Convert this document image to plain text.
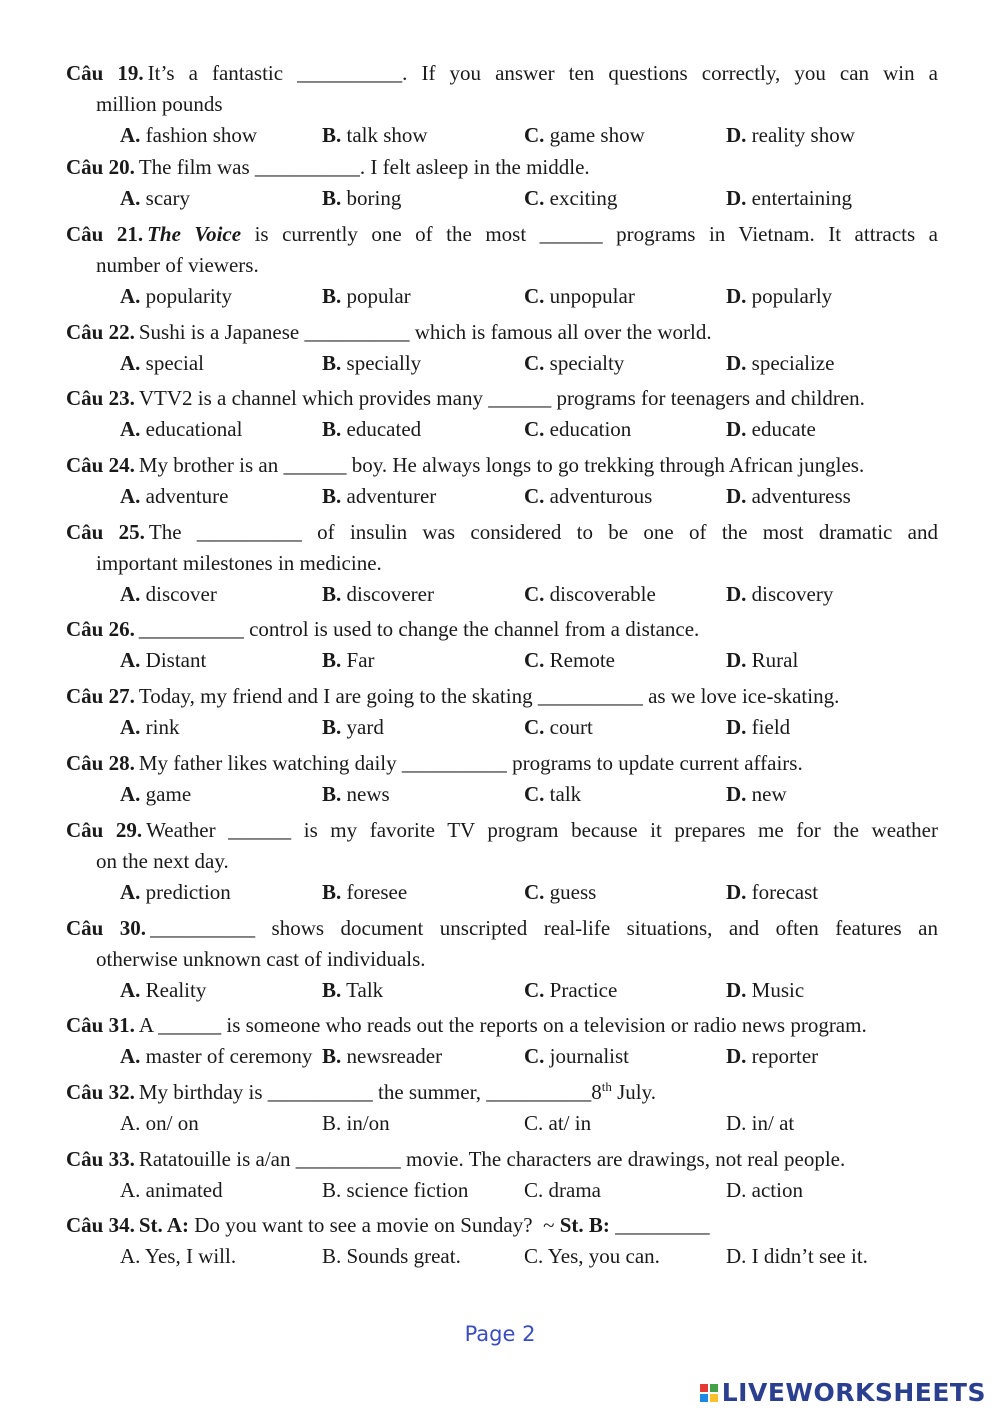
Câu 19. It’s a fantastic __________. If you answer ten questions correctly, you can win a
million pounds
A. fashion show	B. talk show	C. game show	D. reality show
Câu 20. The film was __________. I felt asleep in the middle.
A. scary	B. boring	C. exciting	D. entertaining
Câu 21. The Voice is currently one of the most ______ programs in Vietnam. It attracts a
number of viewers.
A. popularity	B. popular	C. unpopular	D. popularly
Câu 22. Sushi is a Japanese __________ which is famous all over the world.
A. special	B. specially	C. specialty	D. specialize
Câu 23. VTV2 is a channel which provides many ______ programs for teenagers and children.
A. educational	B. educated	C. education	D. educate
Câu 24. My brother is an ______ boy. He always longs to go trekking through African jungles.
A. adventure	B. adventurer	C. adventurous	D. adventuress
Câu 25. The __________ of insulin was considered to be one of the most dramatic and
important milestones in medicine.
A. discover	B. discoverer	C. discoverable	D. discovery
Câu 26. __________ control is used to change the channel from a distance.
A. Distant	B. Far	C. Remote	D. Rural
Câu 27. Today, my friend and I are going to the skating __________ as we love ice-skating.
A. rink	B. yard	C. court	D. field
Câu 28. My father likes watching daily __________ programs to update current affairs.
A. game	B. news	C. talk	D. new
Câu 29. Weather ______ is my favorite TV program because it prepares me for the weather
on the next day.
A. prediction	B. foresee	C. guess	D. forecast
Câu 30. __________ shows document unscripted real-life situations, and often features an
otherwise unknown cast of individuals.
A. Reality	B. Talk	C. Practice	D. Music
Câu 31. A ______ is someone who reads out the reports on a television or radio news program.
A. master of ceremony B. newsreader	C. journalist	D. reporter
Câu 32. My birthday is __________ the summer, __________8th July.
A. on/ on	B. in/on	C. at/ in	D. in/ at
Câu 33. Ratatouille is a/an __________ movie. The characters are drawings, not real people.
A. animated	B. science fiction	C. drama	D. action
Câu 34. St. A: Do you want to see a movie on Sunday?  ~ St. B: _________
A. Yes, I will.	B. Sounds great.	C. Yes, you can.	D. I didn’t see it.
Page 2
LIVEWORKSHEETS
